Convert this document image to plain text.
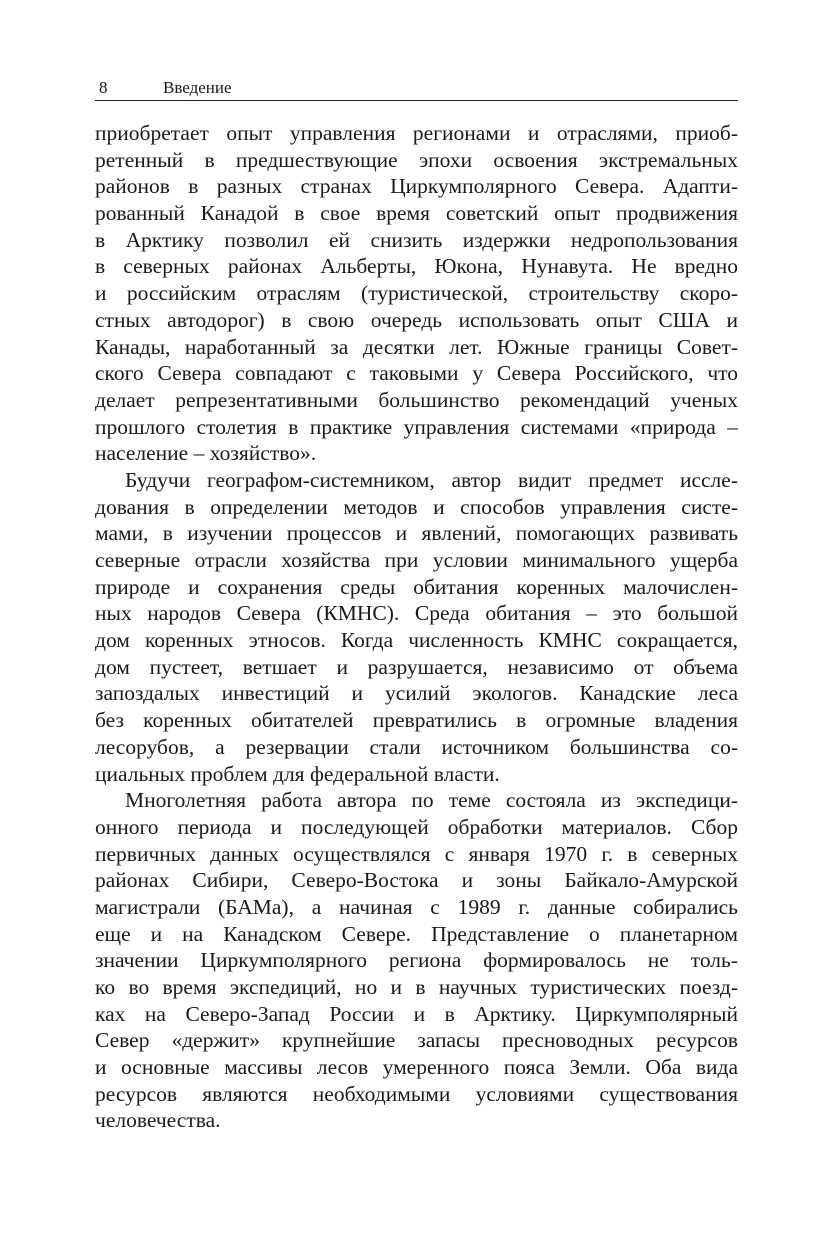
8	Введение
приобретает опыт управления регионами и отраслями, приоб-
ретенный в предшествующие эпохи освоения экстремальных
районов в разных странах Циркумполярного Севера. Адапти-
рованный Канадой в свое время советский опыт продвижения
в Арктику позволил ей снизить издержки недропользования
в северных районах Альберты, Юкона, Нунавута. Не вредно
и российским отраслям (туристической, строительству скоро-
стных автодорог) в свою очередь использовать опыт США и
Канады, наработанный за десятки лет. Южные границы Совет-
ского Севера совпадают с таковыми у Севера Российского, что
делает репрезентативными большинство рекомендаций ученых
прошлого столетия в практике управления системами «природа –
население – хозяйство».
Будучи географом-системником, автор видит предмет иссле-
дования в определении методов и способов управления систе-
мами, в изучении процессов и явлений, помогающих развивать
северные отрасли хозяйства при условии минимального ущерба
природе и сохранения среды обитания коренных малочислен-
ных народов Севера (КМНС). Среда обитания – это большой
дом коренных этносов. Когда численность КМНС сокращается,
дом пустеет, ветшает и разрушается, независимо от объема
запоздалых инвестиций и усилий экологов. Канадские леса
без коренных обитателей превратились в огромные владения
лесорубов, а резервации стали источником большинства со-
циальных проблем для федеральной власти.
Многолетняя работа автора по теме состояла из экспедици-
онного периода и последующей обработки материалов. Сбор
первичных данных осуществлялся с января 1970 г. в северных
районах Сибири, Северо-Востока и зоны Байкало-Амурской
магистрали (БАМа), а начиная с 1989 г. данные собирались
еще и на Канадском Севере. Представление о планетарном
значении Циркумполярного региона формировалось не толь-
ко во время экспедиций, но и в научных туристических поезд-
ках на Северо-Запад России и в Арктику. Циркумполярный
Север «держит» крупнейшие запасы пресноводных ресурсов
и основные массивы лесов умеренного пояса Земли. Оба вида
ресурсов являются необходимыми условиями существования
человечества.
